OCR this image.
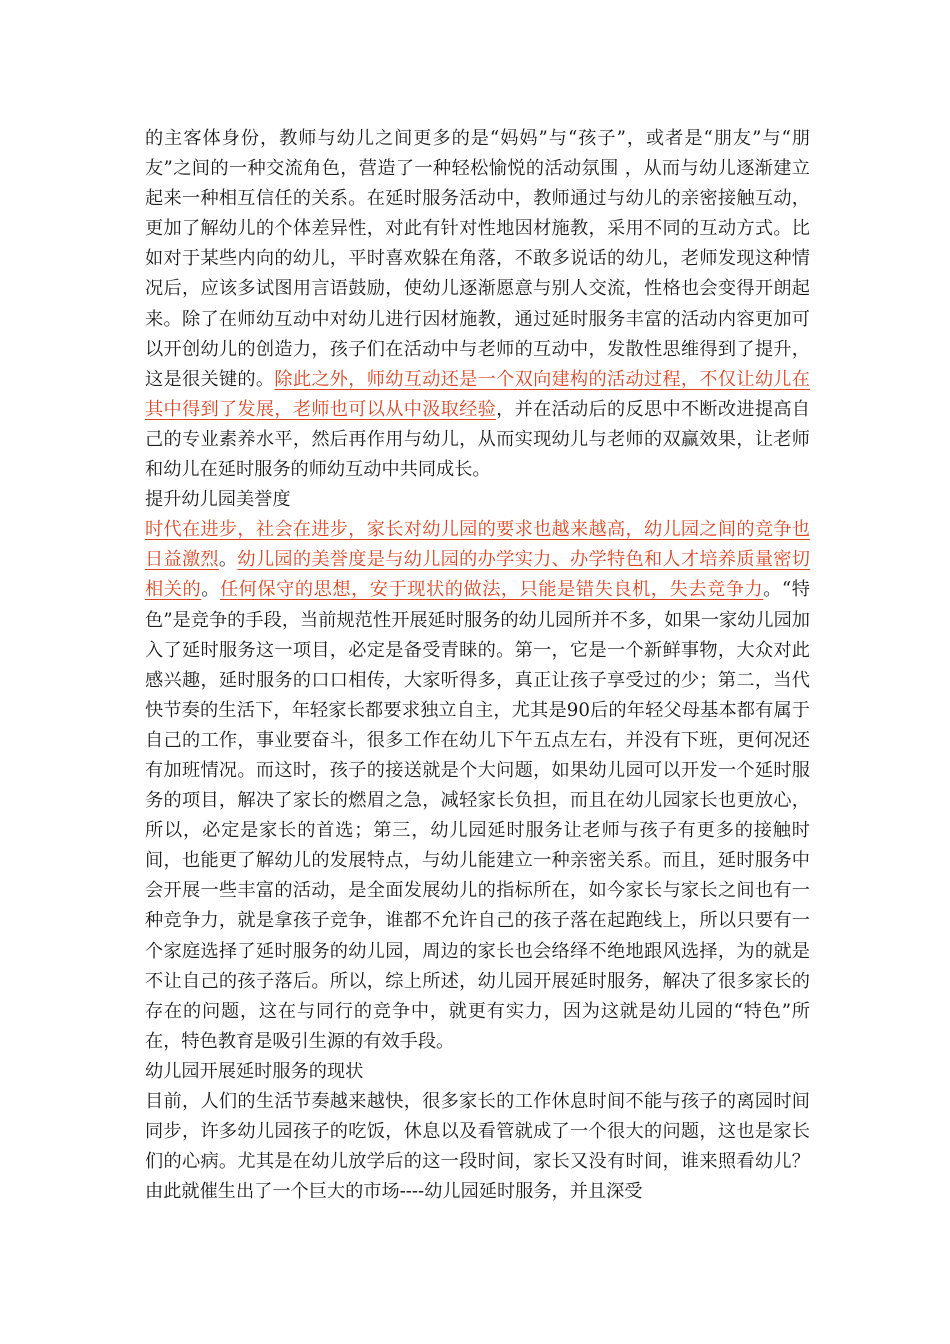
的主客体身份，教师与幼儿之间更多的是“妈妈”与“孩子”，或者是“朋友”与“朋友”之间的一种交流角色，营造了一种轻松愉悦的活动氛围 ，从而与幼儿逐渐建立起来一种相互信任的关系。在延时服务活动中，教师通过与幼儿的亲密接触互动，更加了解幼儿的个体差异性，对此有针对性地因材施教，采用不同的互动方式。比如对于某些内向的幼儿，平时喜欢躲在角落，不敢多说话的幼儿，老师发现这种情况后，应该多试图用言语鼓励，使幼儿逐渐愿意与别人交流，性格也会变得开朗起来。除了在师幼互动中对幼儿进行因材施教，通过延时服务丰富的活动内容更加可以开创幼儿的创造力，孩子们在活动中与老师的互动中，发散性思维得到了提升，这是很关键的。除此之外，师幼互动还是一个双向建构的活动过程，不仅让幼儿在其中得到了发展，老师也可以从中汲取经验，并在活动后的反思中不断改进提高自己的专业素养水平，然后再作用与幼儿，从而实现幼儿与老师的双赢效果，让老师和幼儿在延时服务的师幼互动中共同成长。

提升幼儿园美誉度

时代在进步，社会在进步，家长对幼儿园的要求也越来越高，幼儿园之间的竞争也日益激烈。幼儿园的美誉度是与幼儿园的办学实力、办学特色和人才培养质量密切相关的。任何保守的思想，安于现状的做法，只能是错失良机，失去竞争力。“特色”是竞争的手段，当前规范性开展延时服务的幼儿园所并不多，如果一家幼儿园加入了延时服务这一项目，必定是备受青睐的。第一，它是一个新鲜事物，大众对此感兴趣，延时服务的口口相传，大家听得多，真正让孩子享受过的少；第二，当代快节奏的生活下，年轻家长都要求独立自主，尤其是90后的年轻父母基本都有属于自己的工作，事业要奋斗，很多工作在幼儿下午五点左右，并没有下班，更何况还有加班情况。而这时，孩子的接送就是个大问题，如果幼儿园可以开发一个延时服务的项目，解决了家长的燃眉之急，减轻家长负担，而且在幼儿园家长也更放心，所以，必定是家长的首选；第三，幼儿园延时服务让老师与孩子有更多的接触时间，也能更了解幼儿的发展特点，与幼儿能建立一种亲密关系。而且，延时服务中会开展一些丰富的活动，是全面发展幼儿的指标所在，如今家长与家长之间也有一种竞争力，就是拿孩子竞争，谁都不允许自己的孩子落在起跑线上，所以只要有一个家庭选择了延时服务的幼儿园，周边的家长也会络绎不绝地跟风选择，为的就是不让自己的孩子落后。所以，综上所述，幼儿园开展延时服务，解决了很多家长的存在的问题，这在与同行的竞争中，就更有实力，因为这就是幼儿园的“特色”所在，特色教育是吸引生源的有效手段。

幼儿园开展延时服务的现状

目前，人们的生活节奏越来越快，很多家长的工作休息时间不能与孩子的离园时间同步，许多幼儿园孩子的吃饭，休息以及看管就成了一个很大的问题，这也是家长们的心病。尤其是在幼儿放学后的这一段时间，家长又没有时间，谁来照看幼儿？由此就催生出了一个巨大的市场----幼儿园延时服务，并且深受
